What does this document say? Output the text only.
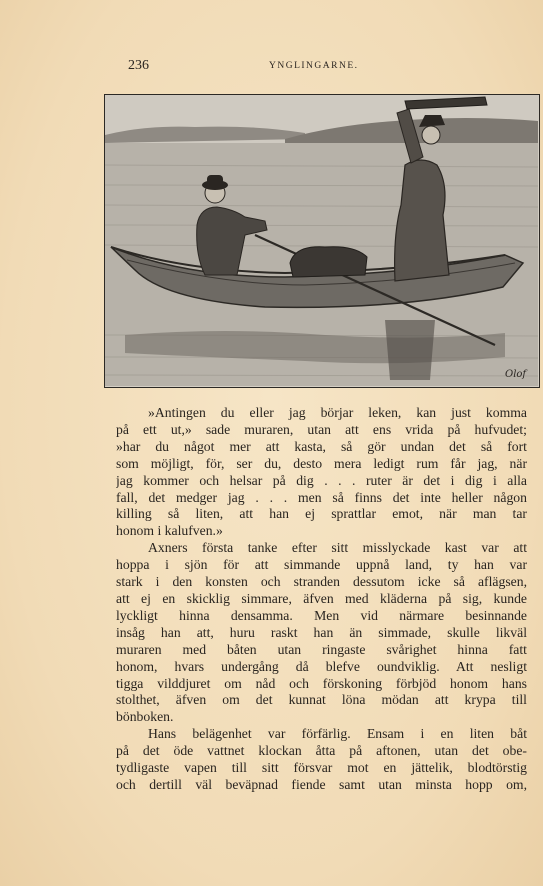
236	YNGLINGARNE.
Olof
»Antingen du eller jag börjar leken, kan just komma
på ett ut,» sade muraren, utan att ens vrida på hufvudet;
»har du något mer att kasta, så gör undan det så fort
som möjligt, för, ser du, desto mera ledigt rum får jag, när
jag kommer och helsar på dig . . . ruter är det i dig i alla
fall, det medger jag . . . men så finns det inte heller någon
killing så liten, att han ej sprattlar emot, när man tar
honom i kalufven.»
Axners första tanke efter sitt misslyckade kast var att
hoppa i sjön för att simmande uppnå land, ty han var
stark i den konsten och stranden dessutom icke så aflägsen,
att ej en skicklig simmare, äfven med kläderna på sig, kunde
lyckligt hinna densamma. Men vid närmare besinnande
insåg han att, huru raskt han än simmade, skulle likväl
muraren med båten utan ringaste svårighet hinna fatt
honom, hvars undergång då blefve oundviklig. Att nesligt
tigga vilddjuret om nåd och förskoning förbjöd honom hans
stolthet, äfven om det kunnat löna mödan att krypa till
bönboken.
Hans belägenhet var förfärlig. Ensam i en liten båt
på det öde vattnet klockan åtta på aftonen, utan det obe-
tydligaste vapen till sitt försvar mot en jättelik, blodtörstig
och dertill väl beväpnad fiende samt utan minsta hopp om,
